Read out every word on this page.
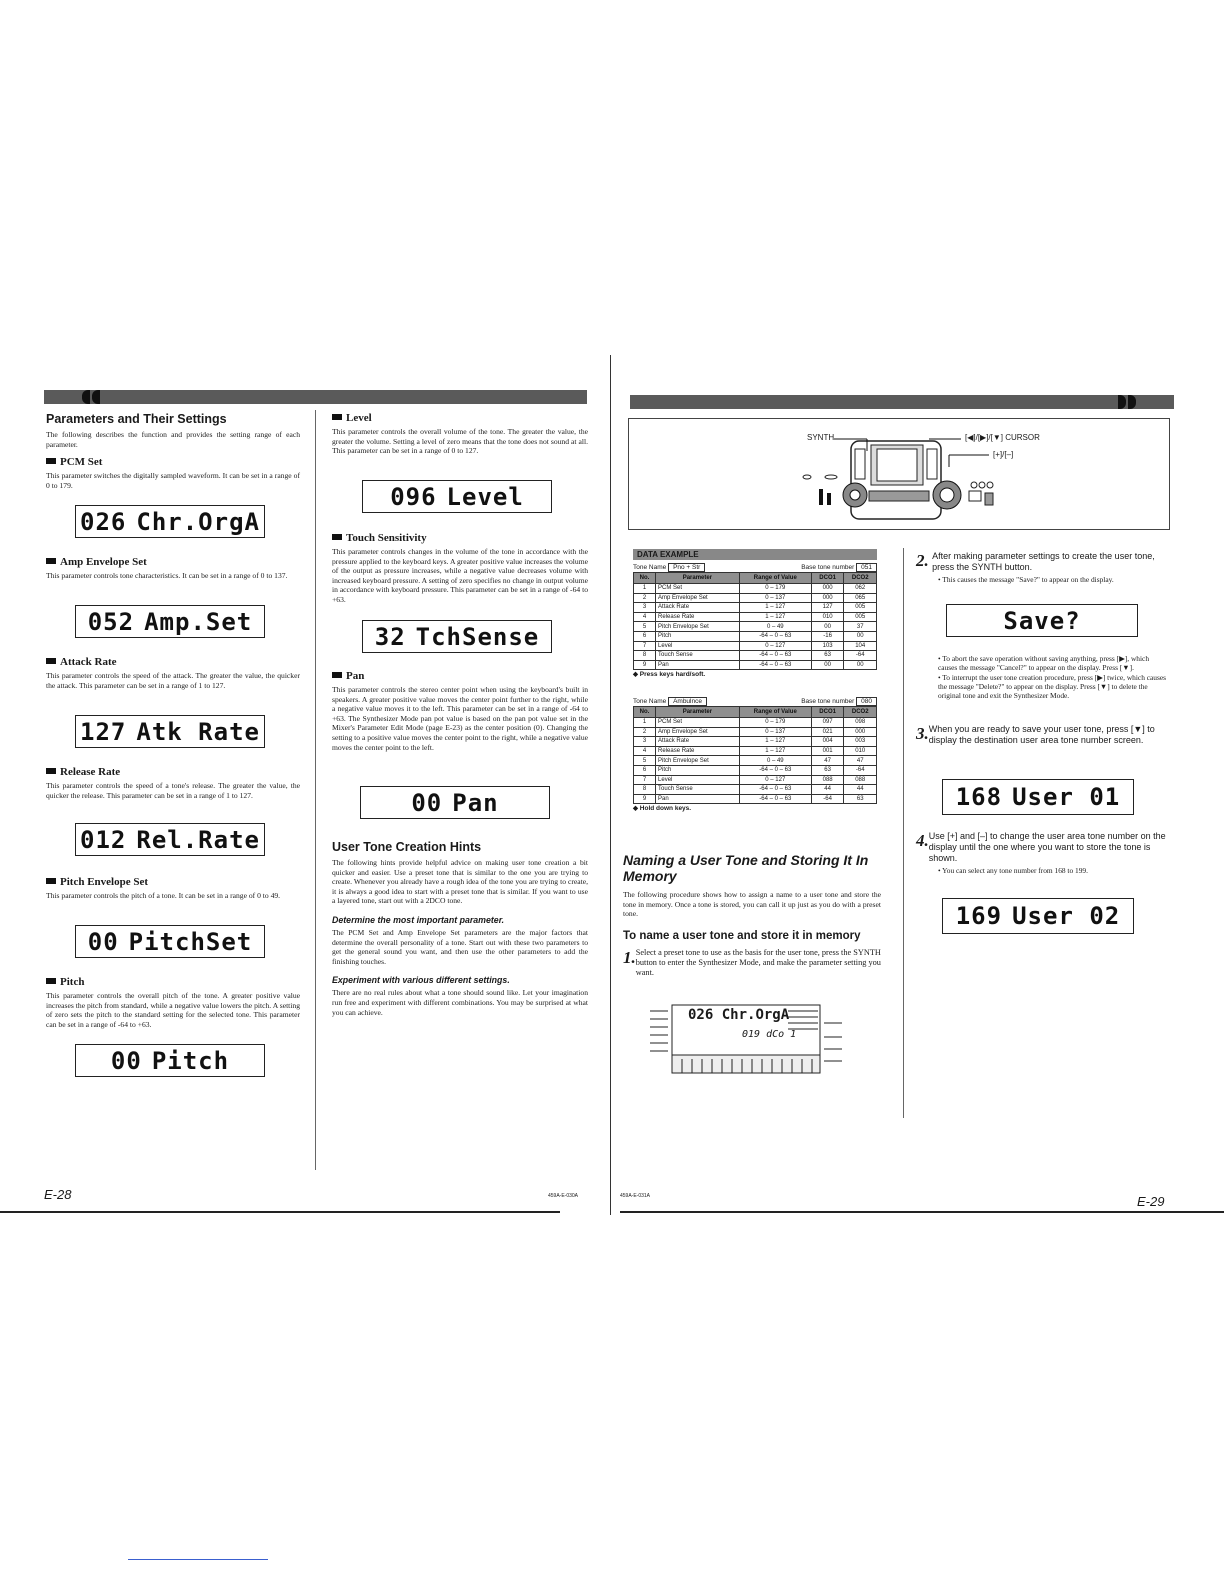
Parameters and Their Settings

The following describes the function and provides the setting range of each parameter.

PCM Set

This parameter switches the digitally sampled waveform. It can be set in a range of 0 to 179.

026 Chr.OrgA
Amp Envelope Set

This parameter controls tone characteristics. It can be set in a range of 0 to 137.

052 Amp.Set
Attack Rate

This parameter controls the speed of the attack. The greater the value, the quicker the attack. This parameter can be set in a range of 1 to 127.

127 Atk Rate
Release Rate

This parameter controls the speed of a tone's release. The greater the value, the quicker the release. This parameter can be set in a range of 1 to 127.

012 Rel.Rate
Pitch Envelope Set

This parameter controls the pitch of a tone. It can be set in a range of 0 to 49.

00 PitchSet
Pitch

This parameter controls the overall pitch of the tone. A greater positive value increases the pitch from standard, while a negative value lowers the pitch. A setting of zero sets the pitch to the standard setting for the selected tone. This parameter can be set in a range of -64 to +63.

00 Pitch
Level

This parameter controls the overall volume of the tone. The greater the value, the greater the volume. Setting a level of zero means that the tone does not sound at all. This parameter can be set in a range of 0 to 127.

096 Level
Touch Sensitivity

This parameter controls changes in the volume of the tone in accordance with the pressure applied to the keyboard keys. A greater positive value increases the volume of the output as pressure increases, while a negative value decreases volume with increased keyboard pressure. A setting of zero specifies no change in output volume in accordance with keyboard pressure. This parameter can be set in a range of -64 to +63.

32 TchSense
Pan

This parameter controls the stereo center point when using the keyboard's built in speakers. A greater positive value moves the center point further to the right, while a negative value moves it to the left. This parameter can be set in a range of -64 to +63. The Synthesizer Mode pan pot value is based on the pan pot value set in the Mixer's Parameter Edit Mode (page E-23) as the center position (0). Changing the setting to a positive value moves the center point to the right, while a negative value moves the center point to the left.

00 Pan
User Tone Creation Hints

The following hints provide helpful advice on making user tone creation a bit quicker and easier. Use a preset tone that is similar to the one you are trying to create. Whenever you already have a rough idea of the tone you are trying to create, it is always a good idea to start with a preset tone that is similar. If you want to use a layered tone, start out with a 2DCO tone.

Determine the most important parameter.

The PCM Set and Amp Envelope Set parameters are the major factors that determine the overall personality of a tone. Start out with these two parameters to get the general sound you want, and then use the other parameters to add the finishing touches.

Experiment with various different settings.

There are no real rules about what a tone should sound like. Let your imagination run free and experiment with different combinations. You may be surprised at what you can achieve.

E-28	459A-E-030A
SYNTH	[◀]/[▶]/[▼] CURSOR
[+]/[–]
DATA EXAMPLE
Tone Name Pno + Str	Base tone number 051
No.	Parameter	Range of Value	DCO1	DCO2
1	PCM Set	0 – 179	000	062
2	Amp Envelope Set	0 – 137	000	065
3	Attack Rate	1 – 127	127	005
4	Release Rate	1 – 127	010	005
5	Pitch Envelope Set	0 – 49	00	37
6	Pitch	-64 – 0 – 63	-16	00
7	Level	0 – 127	103	104
8	Touch Sense	-64 – 0 – 63	63	-64
9	Pan	-64 – 0 – 63	00	00
◆ Press keys hard/soft.
Tone Name Ambulnce	Base tone number 080
No.	Parameter	Range of Value	DCO1	DCO2
1	PCM Set	0 – 179	097	098
2	Amp Envelope Set	0 – 137	021	000
3	Attack Rate	1 – 127	004	003
4	Release Rate	1 – 127	001	010
5	Pitch Envelope Set	0 – 49	47	47
6	Pitch	-64 – 0 – 63	63	-64
7	Level	0 – 127	088	088
8	Touch Sense	-64 – 0 – 63	44	44
9	Pan	-64 – 0 – 63	-64	63
◆ Hold down keys.

Naming a User Tone and Storing It In Memory

The following procedure shows how to assign a name to a user tone and store the tone in memory. Once a tone is stored, you can call it up just as you do with a preset tone.

To name a user tone and store it in memory
1. Select a preset tone to use as the basis for the user tone, press the SYNTH button to enter the Synthesizer Mode, and make the parameter setting you want.
026 Chr.OrgA
019 dCo 1
2. After making parameter settings to create the user tone, press the SYNTH button.

• This causes the message "Save?" to appear on the display.

Save?

• To abort the save operation without saving anything, press [▶], which causes the message "Cancel?" to appear on the display. Press [▼].

• To interrupt the user tone creation procedure, press [▶] twice, which causes the message "Delete?" to appear on the display. Press [▼] to delete the original tone and exit the Synthesizer Mode.

3. When you are ready to save your user tone, press [▼] to display the destination user area tone number screen.
168 User 01
4. Use [+] and [–] to change the user area tone number on the display until the one where you want to store the tone is shown.

• You can select any tone number from 168 to 199.

169 User 02
459A-E-031A	E-29
